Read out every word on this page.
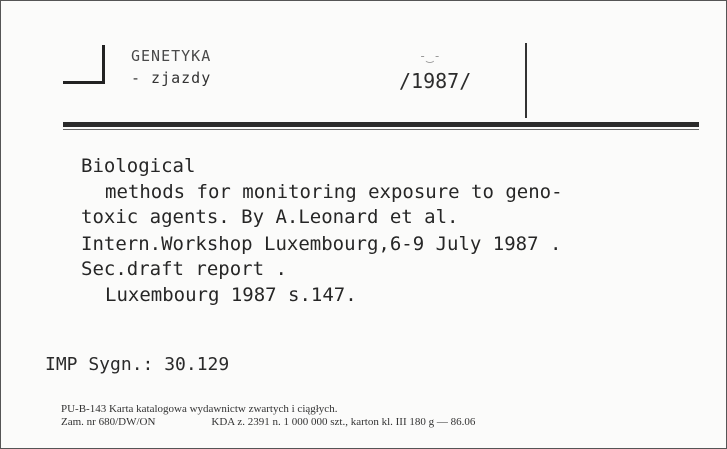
GENETYKA
- zjazdy
-‿-
/1987/
Biological
methods for monitoring exposure to geno-
toxic agents. By A.Leonard et al.
Intern.Workshop Luxembourg,6-9 July 1987 .
Sec.draft report .
Luxembourg 1987 s.147.
IMP Sygn.: 30.129
PU-B-143 Karta katalogowa wydawnictw zwartych i ciągłych.
Zam. nr 680/DW/ON	KDA z. 2391 n. 1 000 000 szt., karton kl. III 180 g — 86.06
